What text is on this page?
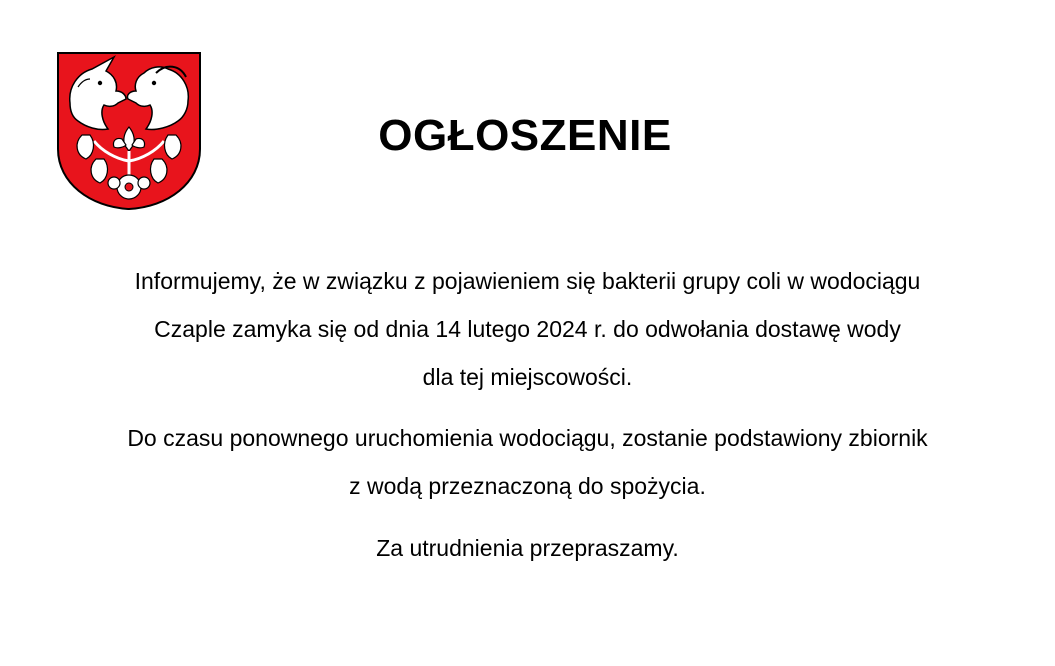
OGŁOSZENIE
Informujemy, że w związku z pojawieniem się bakterii grupy coli w wodociągu
Czaple zamyka się od dnia 14 lutego 2024 r. do odwołania dostawę wody
dla tej miejscowości.
Do czasu ponownego uruchomienia wodociągu, zostanie podstawiony zbiornik
z wodą przeznaczoną do spożycia.
Za utrudnienia przepraszamy.
